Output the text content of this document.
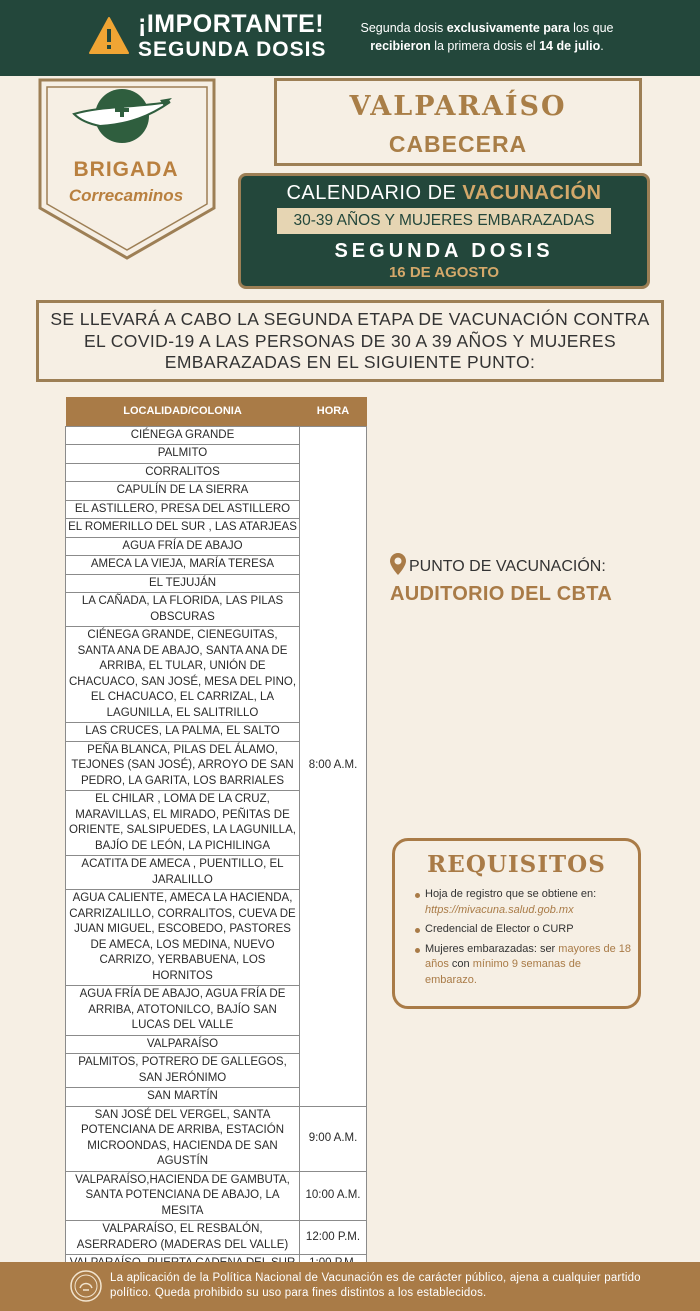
¡IMPORTANTE!
SEGUNDA DOSIS
Segunda dosis exclusivamente para los que recibieron la primera dosis el 14 de julio.
BRIGADA
Correcaminos
VALPARAÍSO
CABECERA
CALENDARIO DE VACUNACIÓN
30-39 AÑOS Y MUJERES EMBARAZADAS
SEGUNDA DOSIS
16 DE AGOSTO
SE LLEVARÁ A CABO LA SEGUNDA ETAPA DE VACUNACIÓN CONTRA EL COVID-19 A LAS PERSONAS DE 30 A 39 AÑOS Y MUJERES EMBARAZADAS EN EL SIGUIENTE PUNTO:
LOCALIDAD/COLONIA	HORA
CIÉNEGA GRANDE	8:00 A.M.
PALMITO	
CORRALITOS	
CAPULÍN DE LA SIERRA	
EL ASTILLERO, PRESA DEL ASTILLERO	
EL ROMERILLO DEL SUR , LAS ATARJEAS	
AGUA FRÍA DE ABAJO	
AMECA LA VIEJA, MARÍA TERESA	
EL TEJUJÁN	
LA CAÑADA, LA FLORIDA, LAS PILAS OBSCURAS	
CIÉNEGA GRANDE, CIENEGUITAS, SANTA ANA DE ABAJO, SANTA ANA DE ARRIBA, EL TULAR, UNIÓN DE CHACUACO, SAN JOSÉ, MESA DEL PINO, EL CHACUACO, EL CARRIZAL, LA LAGUNILLA, EL SALITRILLO	
LAS CRUCES, LA PALMA, EL SALTO	
PEÑA BLANCA, PILAS DEL ÁLAMO, TEJONES (SAN JOSÉ), ARROYO DE SAN PEDRO, LA GARITA, LOS BARRIALES	
EL CHILAR , LOMA DE LA CRUZ, MARAVILLAS, EL MIRADO, PEÑITAS DE ORIENTE, SALSIPUEDES, LA LAGUNILLA, BAJÍO DE LEÓN, LA PICHILINGA	
ACATITA DE AMECA , PUENTILLO, EL JARALILLO	
AGUA CALIENTE, AMECA LA HACIENDA, CARRIZALILLO, CORRALITOS, CUEVA DE JUAN MIGUEL, ESCOBEDO, PASTORES DE AMECA, LOS MEDINA, NUEVO CARRIZO, YERBABUENA, LOS HORNITOS	
AGUA FRÍA DE ABAJO, AGUA FRÍA DE ARRIBA, ATOTONILCO, BAJÍO SAN LUCAS DEL VALLE	
VALPARAÍSO	
PALMITOS, POTRERO DE GALLEGOS, SAN JERÓNIMO	
SAN MARTÍN	
SAN JOSÉ DEL VERGEL, SANTA POTENCIANA DE ARRIBA, ESTACIÓN MICROONDAS, HACIENDA DE SAN AGUSTÍN	9:00 A.M.
VALPARAÍSO,HACIENDA DE GAMBUTA, SANTA POTENCIANA DE ABAJO, LA MESITA	10:00 A.M.
VALPARAÍSO, EL RESBALÓN, ASERRADERO (MADERAS DEL VALLE)	12:00 P.M.

PUNTO DE VACUNACIÓN:
AUDITORIO DEL CBTA
REQUISITOS
Hoja de registro que se obtiene en: https://mivacuna.salud.gob.mx
Credencial de Elector o CURP
Mujeres embarazadas: ser mayores de 18 años con mínimo 9 semanas de embarazo.
La aplicación de la Política Nacional de Vacunación es de carácter público, ajena a cualquier partido político. Queda prohibido su uso para fines distintos a los establecidos.
